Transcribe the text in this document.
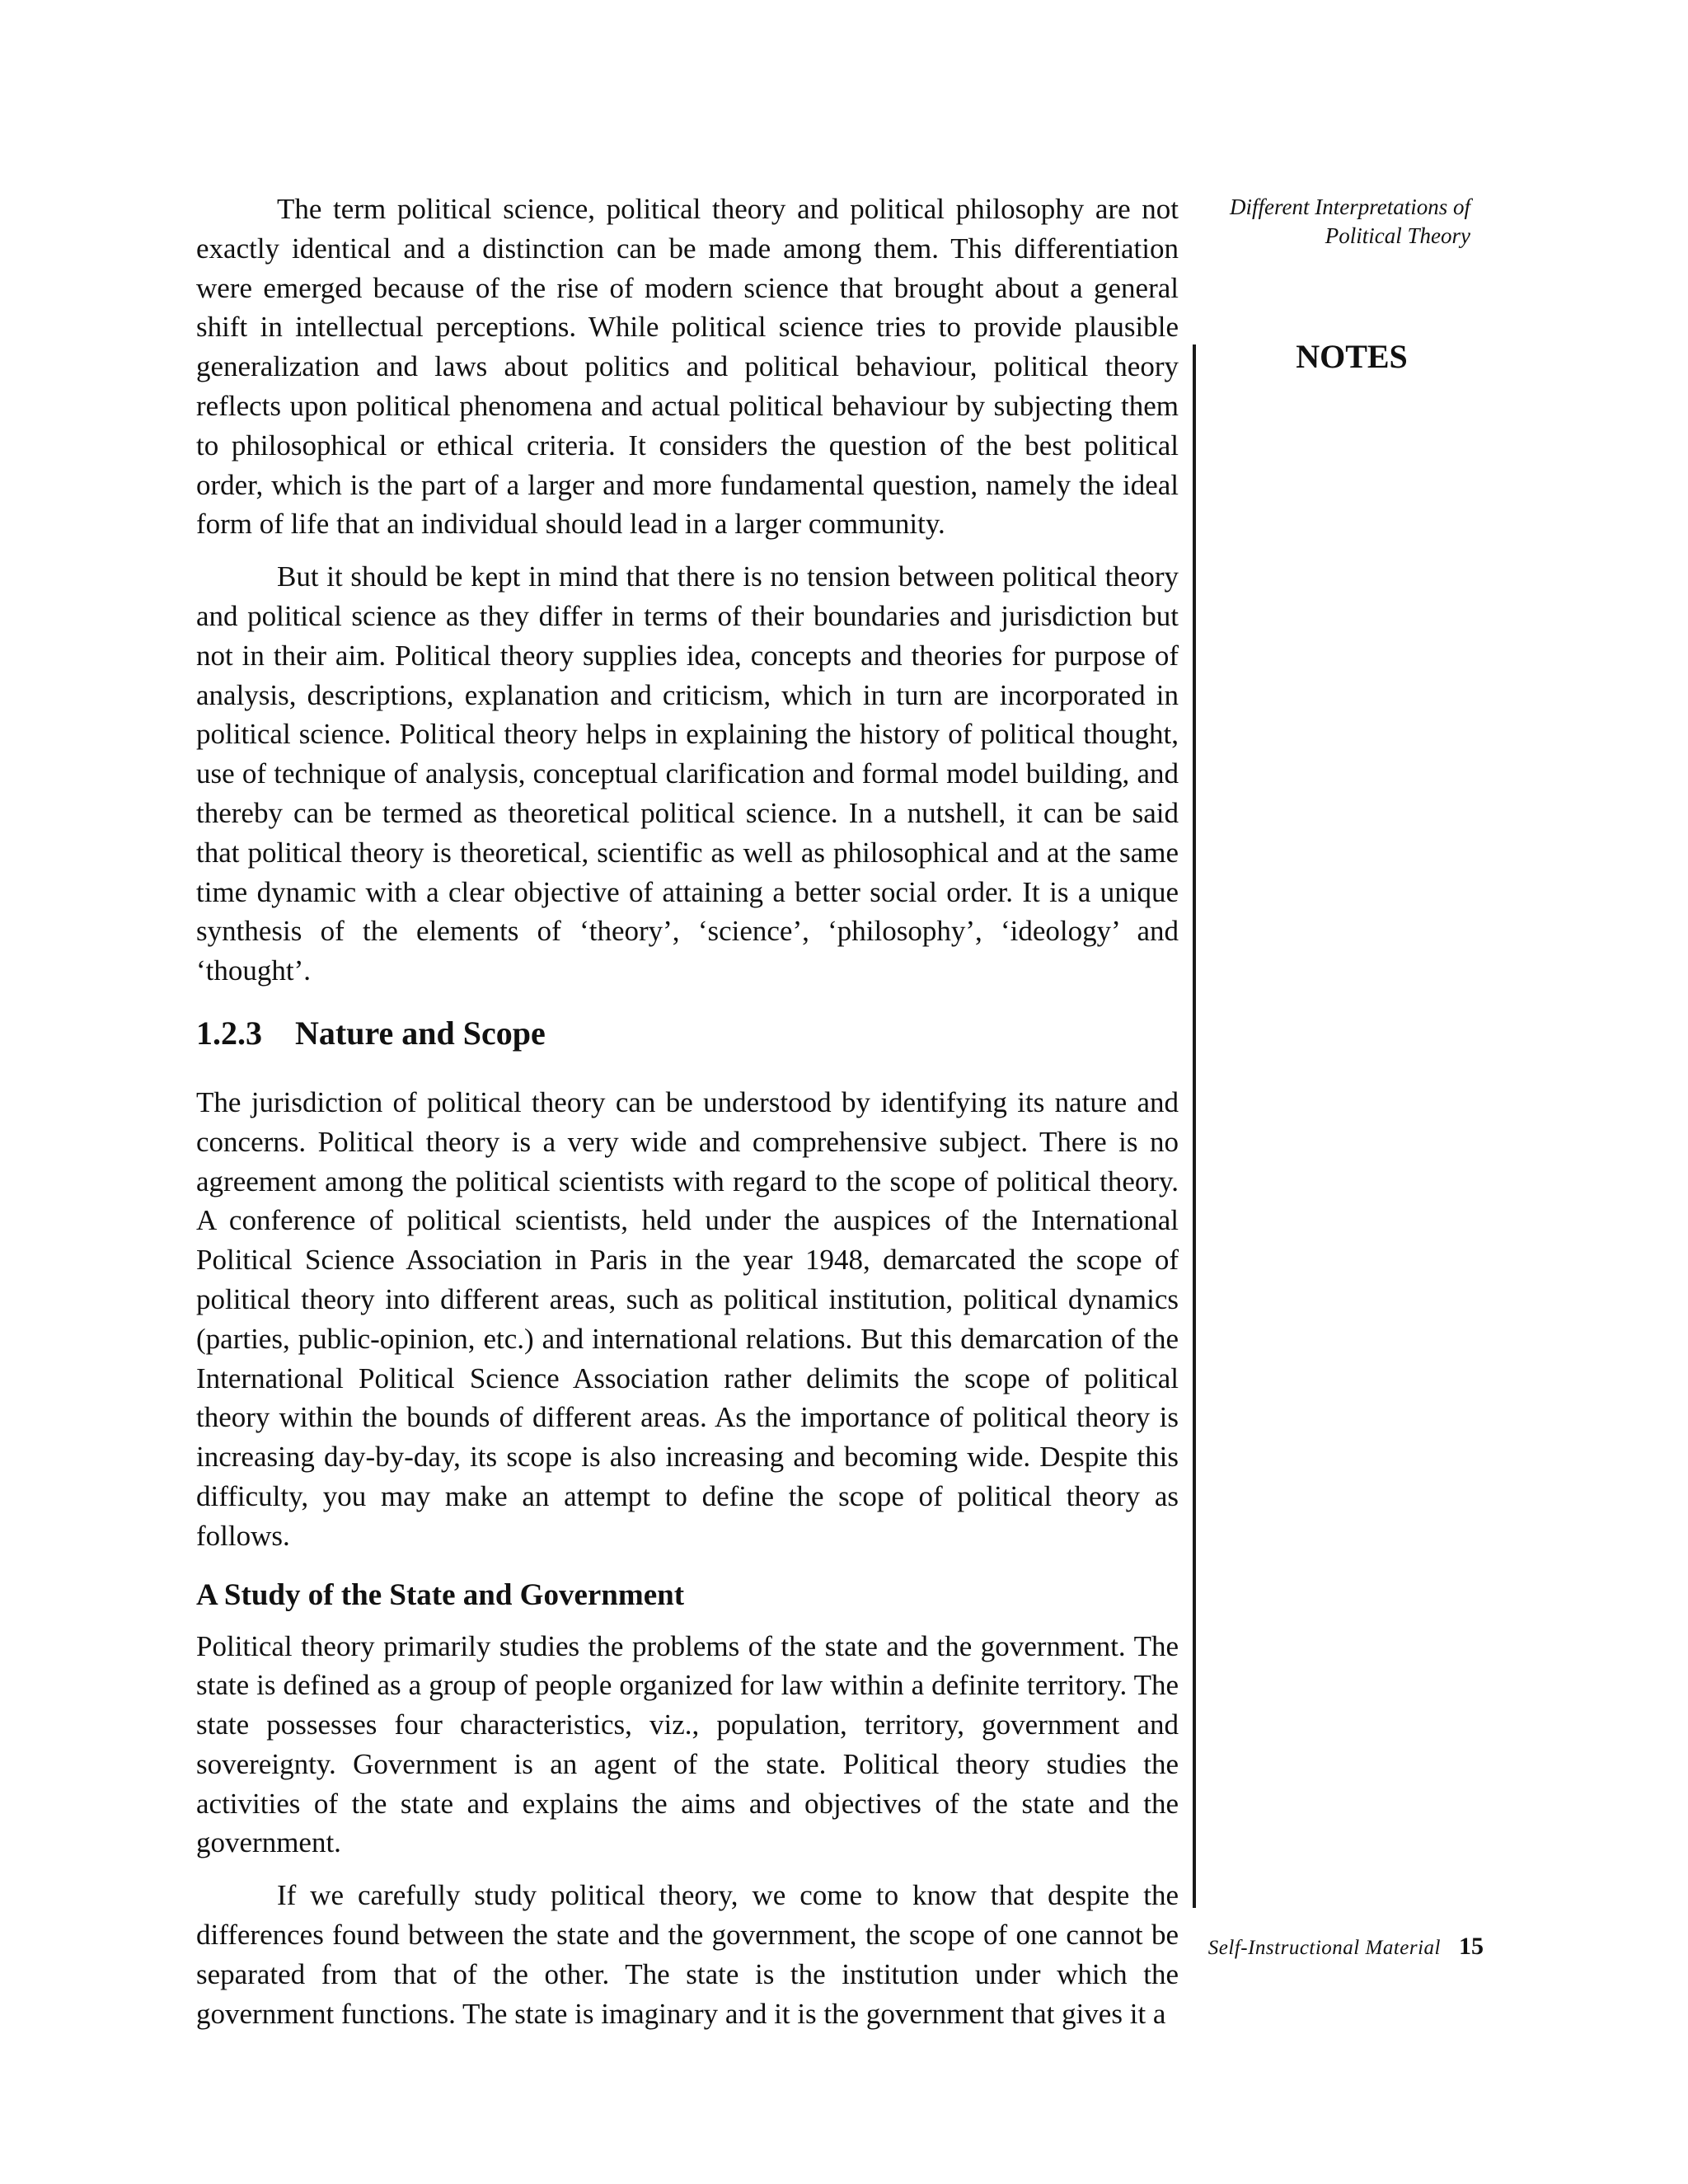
Different Interpretations of
Political Theory
NOTES

The term political science, political theory and political philosophy are not exactly identical and a distinction can be made among them. This differentiation were emerged because of the rise of modern science that brought about a general shift in intellectual perceptions. While political science tries to provide plausible generalization and laws about politics and political behaviour, political theory reflects upon political phenomena and actual political behaviour by subjecting them to philosophical or ethical criteria. It considers the question of the best political order, which is the part of a larger and more fundamental question, namely the ideal form of life that an individual should lead in a larger community.

But it should be kept in mind that there is no tension between political theory and political science as they differ in terms of their boundaries and jurisdiction but not in their aim. Political theory supplies idea, concepts and theories for purpose of analysis, descriptions, explanation and criticism, which in turn are incorporated in political science. Political theory helps in explaining the history of political thought, use of technique of analysis, conceptual clarification and formal model building, and thereby can be termed as theoretical political science. In a nutshell, it can be said that political theory is theoretical, scientific as well as philosophical and at the same time dynamic with a clear objective of attaining a better social order. It is a unique synthesis of the elements of ‘theory’, ‘science’, ‘philosophy’, ‘ideology’ and ‘thought’.

1.2.3 Nature and Scope

The jurisdiction of political theory can be understood by identifying its nature and concerns. Political theory is a very wide and comprehensive subject. There is no agreement among the political scientists with regard to the scope of political theory. A conference of political scientists, held under the auspices of the International Political Science Association in Paris in the year 1948, demarcated the scope of political theory into different areas, such as political institution, political dynamics (parties, public-opinion, etc.) and international relations. But this demarcation of the International Political Science Association rather delimits the scope of political theory within the bounds of different areas. As the importance of political theory is increasing day-by-day, its scope is also increasing and becoming wide. Despite this difficulty, you may make an attempt to define the scope of political theory as follows.

A Study of the State and Government

Political theory primarily studies the problems of the state and the government. The state is defined as a group of people organized for law within a definite territory. The state possesses four characteristics, viz., population, territory, government and sovereignty. Government is an agent of the state. Political theory studies the activities of the state and explains the aims and objectives of the state and the government.

If we carefully study political theory, we come to know that despite the differences found between the state and the government, the scope of one cannot be separated from that of the other. The state is the institution under which the government functions. The state is imaginary and it is the government that gives it a

Self-Instructional Material 15
